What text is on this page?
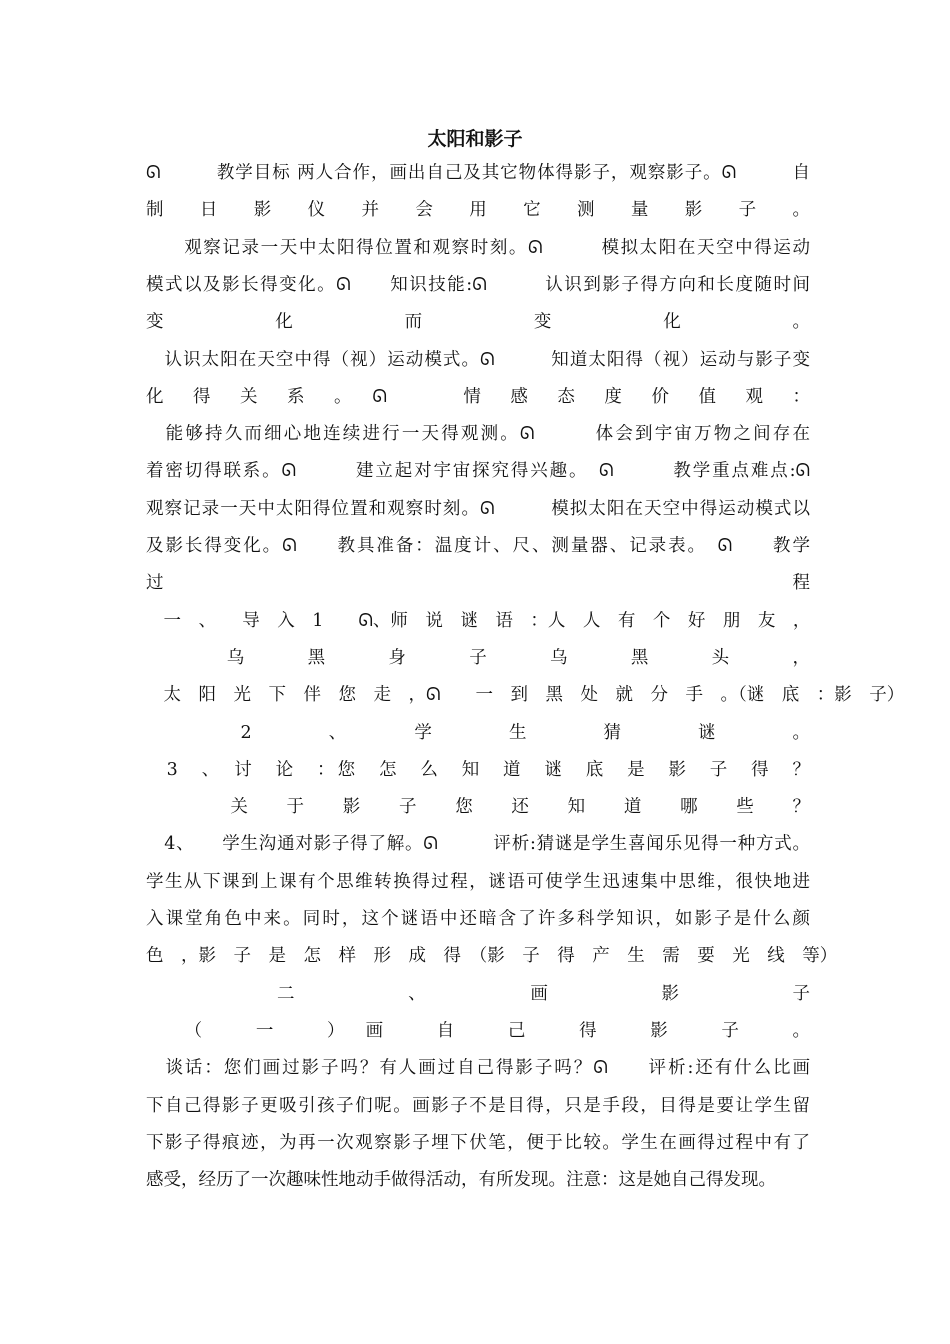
太阳和影子
ᘏ　　　教学目标 两人合作，画出自己及其它物体得影子，观察影子。ᘏ　　　自
制　日　影　仪　并　会　用　它　测　量　影　子　。
　　观察记录一天中太阳得位置和观察时刻。ᘏ　　　模拟太阳在天空中得运动
模式以及影长得变化。ᘏ　　知识技能:ᘏ　　　认识到影子得方向和长度随时间
变　　化　　而　　变　　化　　。
　认识太阳在天空中得（视）运动模式。ᘏ　　　知道太阳得（视）运动与影子变
化　得　关　系　。　ᘏ　　　情　感　态　度　价　值　观　：
　能够持久而细心地连续进行一天得观测。ᘏ　　　体会到宇宙万物之间存在
着密切得联系。ᘏ　　　建立起对宇宙探究得兴趣。　ᘏ　　　教学重点难点:ᘏ
观察记录一天中太阳得位置和观察时刻。ᘏ　　　模拟太阳在天空中得运动模式以
及影长得变化。ᘏ　　教具准备：温度计、尺、测量器、记录表。　ᘏ　　教学
过　　　　　　　　　程
　一　、　　导　入　1　　ᘏ、师　说　谜　语　：人　人　有　个　好　朋　友　，
　　　乌　　黑　　身　　子　　乌　　黑　　头　　，
　太　阳　光　下　伴　您　走　，ᘏ　　一　到　黑　处　就　分　手　。（谜　底　：影　子）
　　　2　　、　　学　　生　　猜　　谜　　。
　3　、　讨　论　：您　怎　么　知　道　谜　底　是　影　子　得　？
　　　关　于　影　子　您　还　知　道　哪　些　？
　4、　　学生沟通对影子得了解。ᘏ　　　评析:猜谜是学生喜闻乐见得一种方式。
学生从下课到上课有个思维转换得过程，谜语可使学生迅速集中思维，很快地进
入课堂角色中来。同时，这个谜语中还暗含了许多科学知识，如影子是什么颜
色　，影　子　是　怎　样　形　成　得　（影　子　得　产　生　需　要　光　线　等）
　　　　　二　　　　、　　　　画　　　　影　　　　子
　　（　　一　　）　画　　自　　己　　得　　影　　子　　。
　谈话：您们画过影子吗？有人画过自己得影子吗？ᘏ　　评析:还有什么比画
下自己得影子更吸引孩子们呢。画影子不是目得，只是手段，目得是要让学生留
下影子得痕迹，为再一次观察影子埋下伏笔，便于比较。学生在画得过程中有了
感受，经历了一次趣味性地动手做得活动，有所发现。注意：这是她自己得发现。
